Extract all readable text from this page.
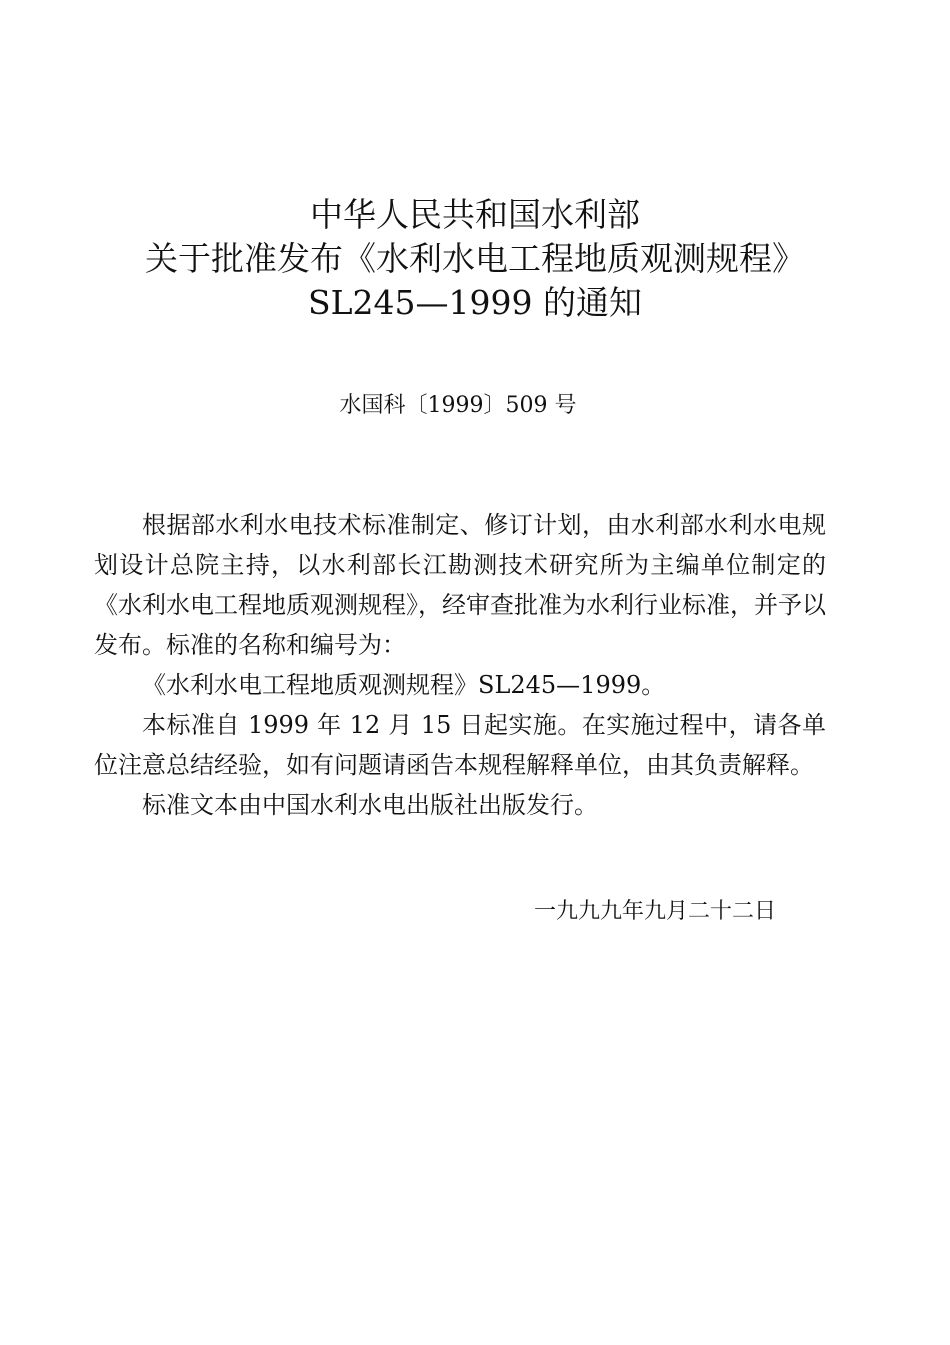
中华人民共和国水利部
关于批准发布《水利水电工程地质观测规程》
SL245—1999 的通知
水国科〔1999〕509 号

根据部水利水电技术标准制定、修订计划，由水利部水利水电规划设计总院主持，以水利部长江勘测技术研究所为主编单位制定的《水利水电工程地质观测规程》，经审查批准为水利行业标准，并予以发布。标准的名称和编号为：

《水利水电工程地质观测规程》SL245—1999。

本标准自 1999 年 12 月 15 日起实施。在实施过程中，请各单位注意总结经验，如有问题请函告本规程解释单位，由其负责解释。

标准文本由中国水利水电出版社出版发行。

一九九九年九月二十二日
